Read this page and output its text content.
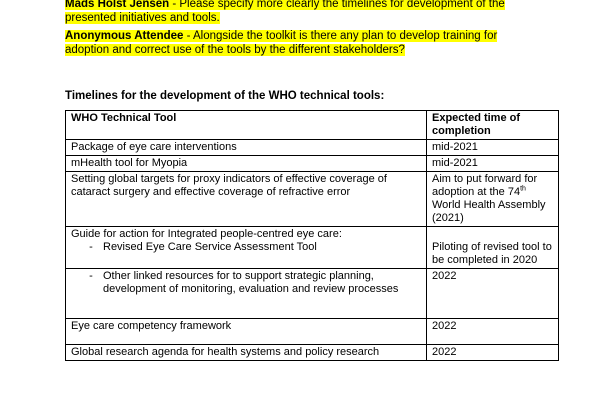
Mads Holst Jensen - Please specify more clearly the timelines for development of the
presented initiatives and tools.
Anonymous Attendee - Alongside the toolkit is there any plan to develop training for
adoption and correct use of the tools by the different stakeholders?
Timelines for the development of the WHO technical tools:
WHO Technical Tool	Expected time of completion
Package of eye care interventions	mid-2021
mHealth tool for Myopia	mid-2021
Setting global targets for proxy indicators of effective coverage of cataract surgery and effective coverage of refractive error	Aim to put forward for adoption at the 74th World Health Assembly (2021)

Guide for action for Integrated people-centred eye care:
- Revised Eye Care Service Assessment Tool	Piloting of revised tool to be completed in 2020

- Other linked resources for to support strategic planning, development of monitoring, evaluation and review processes	2022
Eye care competency framework	2022
Global research agenda for health systems and policy research	2022
